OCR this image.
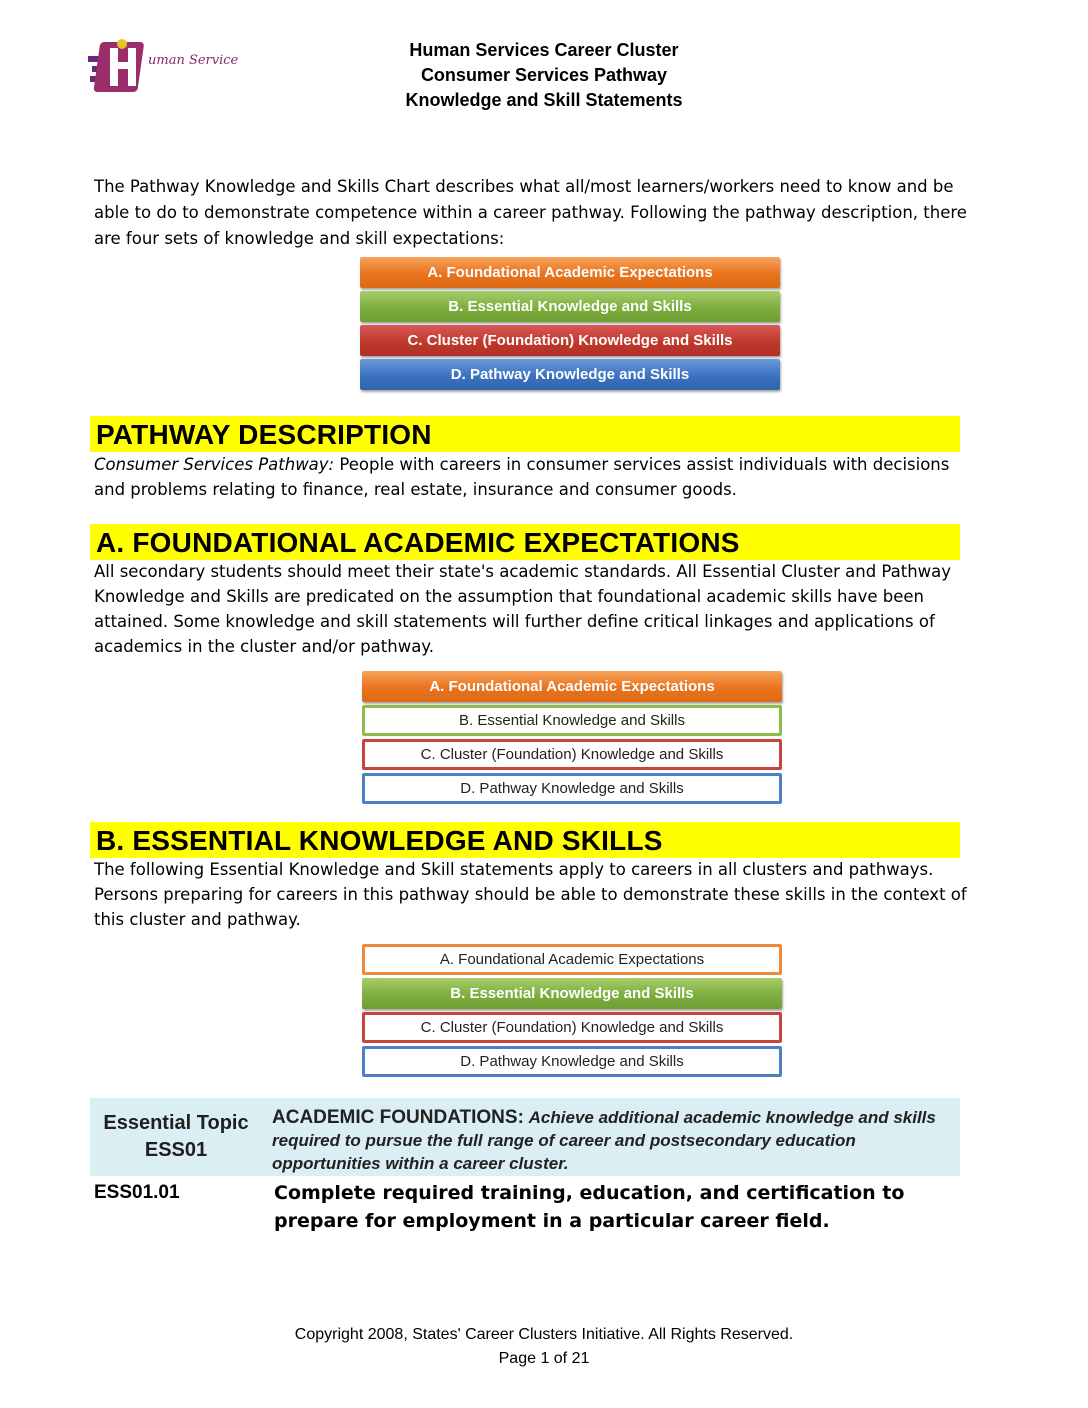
uman Services
Human Services Career Cluster
Consumer Services Pathway
Knowledge and Skill Statements
The Pathway Knowledge and Skills Chart describes what all/most learners/workers need to know and be able to do to demonstrate competence within a career pathway. Following the pathway description, there are four sets of knowledge and skill expectations:
A. Foundational Academic Expectations
B. Essential Knowledge and Skills
C. Cluster (Foundation) Knowledge and Skills
D. Pathway Knowledge and Skills
PATHWAY DESCRIPTION
Consumer Services Pathway: People with careers in consumer services assist individuals with decisions and problems relating to finance, real estate, insurance and consumer goods.
A. FOUNDATIONAL ACADEMIC EXPECTATIONS
All secondary students should meet their state's academic standards. All Essential Cluster and Pathway Knowledge and Skills are predicated on the assumption that foundational academic skills have been attained. Some knowledge and skill statements will further define critical linkages and applications of academics in the cluster and/or pathway.
A. Foundational Academic Expectations
B. Essential Knowledge and Skills
C. Cluster (Foundation) Knowledge and Skills
D. Pathway Knowledge and Skills
B. ESSENTIAL KNOWLEDGE AND SKILLS
The following Essential Knowledge and Skill statements apply to careers in all clusters and pathways. Persons preparing for careers in this pathway should be able to demonstrate these skills in the context of this cluster and pathway.
A. Foundational Academic Expectations
B. Essential Knowledge and Skills
C. Cluster (Foundation) Knowledge and Skills
D. Pathway Knowledge and Skills
Essential Topic
ESS01
ACADEMIC FOUNDATIONS: Achieve additional academic knowledge and skills required to pursue the full range of career and postsecondary education opportunities within a career cluster.
ESS01.01	Complete required training, education, and certification to prepare for employment in a particular career field.
Copyright 2008, States' Career Clusters Initiative. All Rights Reserved.
Page 1 of 21
